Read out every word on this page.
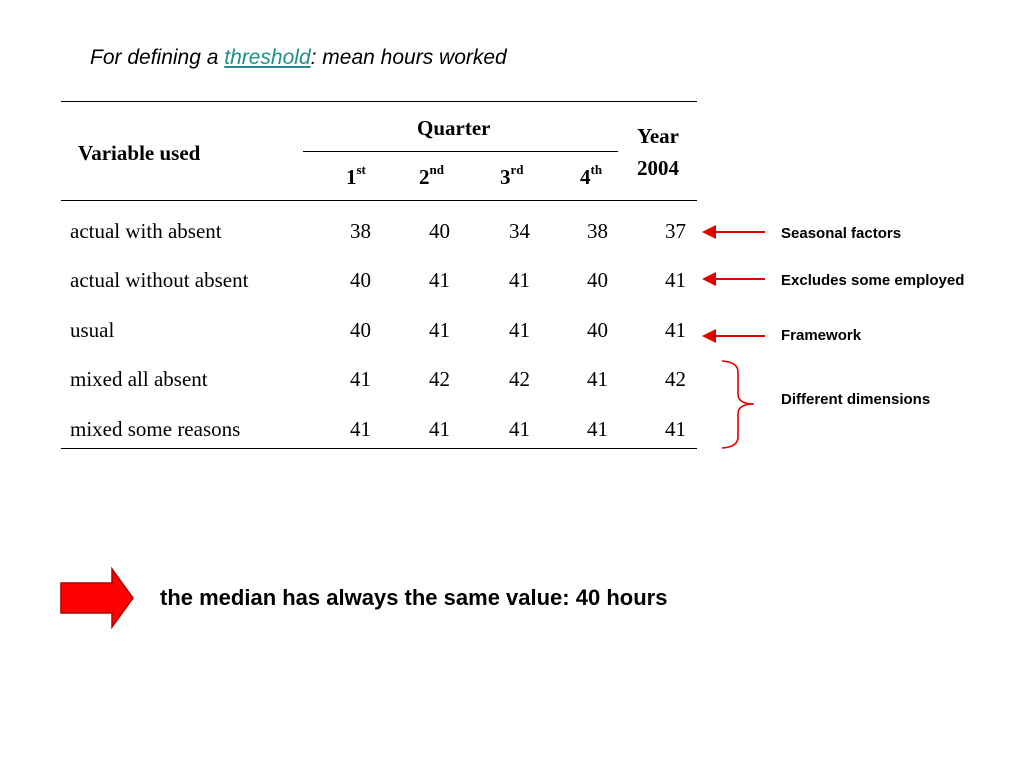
For defining a threshold: mean hours worked
Variable used
Quarter	Year
2004
1st	2nd	3rd	4th
actual with absent	38	40	34	38	37
actual without absent	40	41	41	40	41
usual	40	41	41	40	41
mixed all absent	41	42	42	41	42
mixed some reasons	41	41	41	41	41
Seasonal factors
Excludes some employed
Framework
Different dimensions
the median has always the same value: 40 hours
